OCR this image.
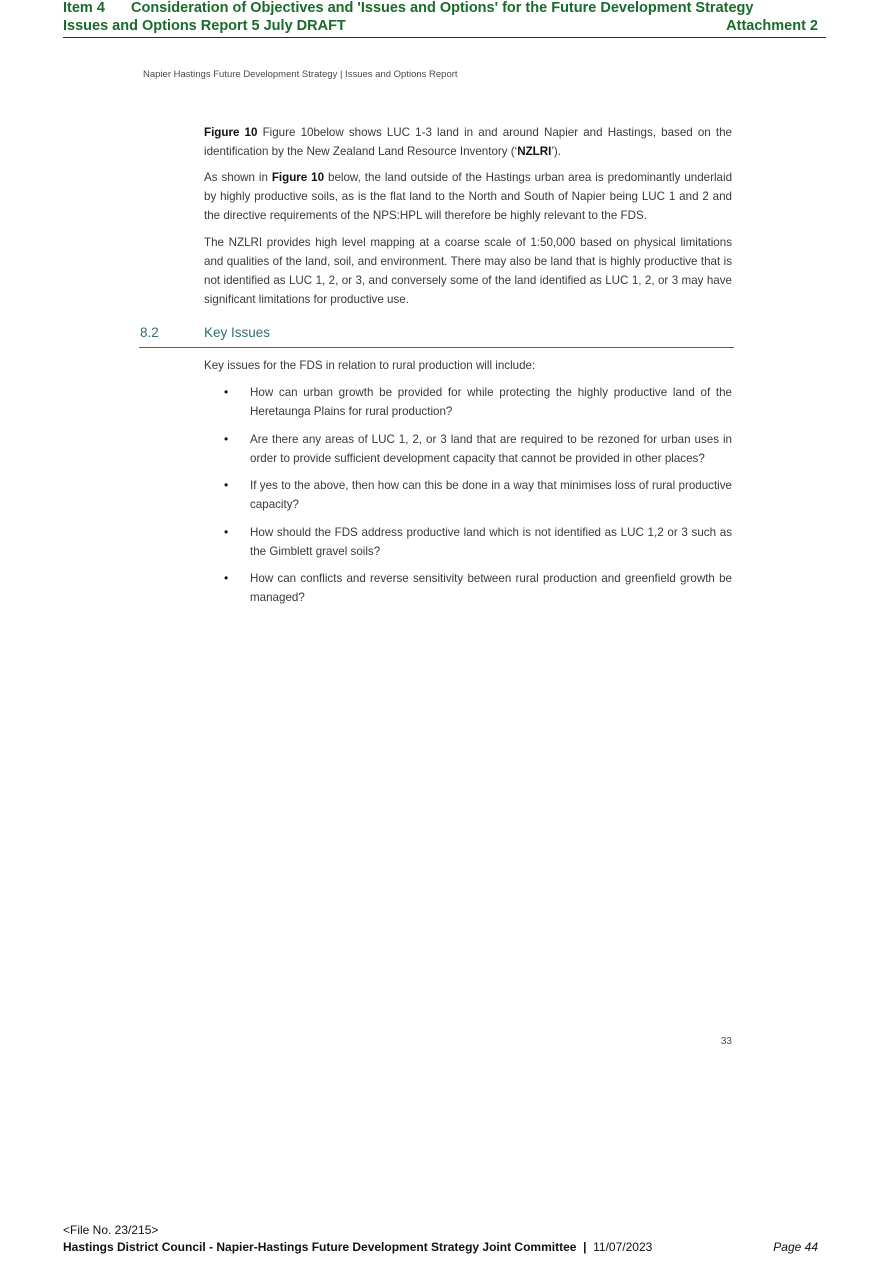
Item 4 Consideration of Objectives and 'Issues and Options' for the Future Development Strategy
Issues and Options Report 5 July DRAFT	Attachment 2
Napier Hastings Future Development Strategy | Issues and Options Report

Figure 10 Figure 10below shows LUC 1-3 land in and around Napier and Hastings, based on the identification by the New Zealand Land Resource Inventory (‘NZLRI’).

As shown in Figure 10 below, the land outside of the Hastings urban area is predominantly underlaid by highly productive soils, as is the flat land to the North and South of Napier being LUC 1 and 2 and the directive requirements of the NPS:HPL will therefore be highly relevant to the FDS.

The NZLRI provides high level mapping at a coarse scale of 1:50,000 based on physical limitations and qualities of the land, soil, and environment. There may also be land that is highly productive that is not identified as LUC 1, 2, or 3, and conversely some of the land identified as LUC 1, 2, or 3 may have significant limitations for productive use.

8.2	Key Issues

Key issues for the FDS in relation to rural production will include:

• How can urban growth be provided for while protecting the highly productive land of the Heretaunga Plains for rural production?
• Are there any areas of LUC 1, 2, or 3 land that are required to be rezoned for urban uses in order to provide sufficient development capacity that cannot be provided in other places?
• If yes to the above, then how can this be done in a way that minimises loss of rural productive capacity?
• How should the FDS address productive land which is not identified as LUC 1,2 or 3 such as the Gimblett gravel soils?
• How can conflicts and reverse sensitivity between rural production and greenfield growth be managed?
33
<File No. 23/215>
Hastings District Council - Napier-Hastings Future Development Strategy Joint Committee  |  11/07/2023	Page 44
